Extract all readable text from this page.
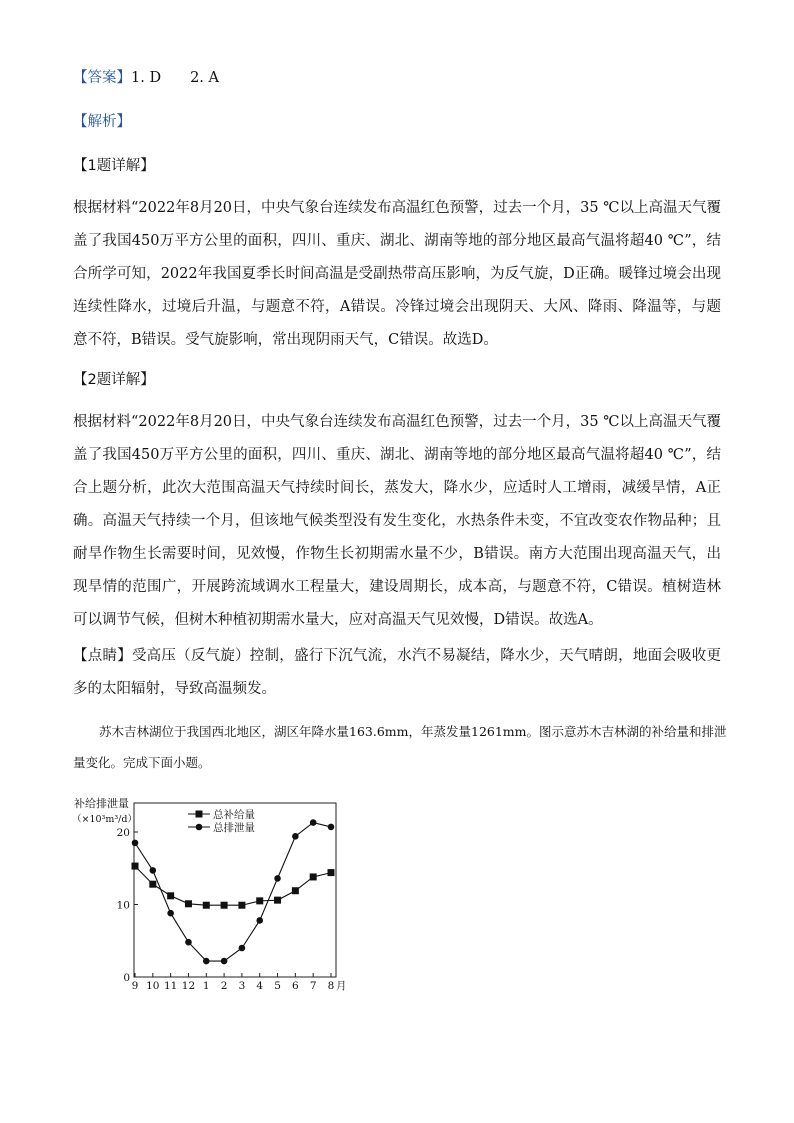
【答案】1. D　　2. A
【解析】
【1题详解】
根据材料“2022年8月20日，中央气象台连续发布高温红色预警，过去一个月，35 ℃以上高温天气覆盖了我国450万平方公里的面积，四川、重庆、湖北、湖南等地的部分地区最高气温将超40 ℃”，结合所学可知，2022年我国夏季长时间高温是受副热带高压影响，为反气旋，D正确。暖锋过境会出现连续性降水，过境后升温，与题意不符，A错误。冷锋过境会出现阴天、大风、降雨、降温等，与题意不符，B错误。受气旋影响，常出现阴雨天气，C错误。故选D。
【2题详解】
根据材料“2022年8月20日，中央气象台连续发布高温红色预警，过去一个月，35 ℃以上高温天气覆盖了我国450万平方公里的面积，四川、重庆、湖北、湖南等地的部分地区最高气温将超40 ℃”，结合上题分析，此次大范围高温天气持续时间长，蒸发大，降水少，应适时人工增雨，减缓旱情，A正确。高温天气持续一个月，但该地气候类型没有发生变化，水热条件未变，不宜改变农作物品种；且耐旱作物生长需要时间，见效慢，作物生长初期需水量不少，B错误。南方大范围出现高温天气，出现旱情的范围广，开展跨流域调水工程量大，建设周期长，成本高，与题意不符，C错误。植树造林可以调节气候，但树木种植初期需水量大，应对高温天气见效慢，D错误。故选A。
【点睛】受高压（反气旋）控制，盛行下沉气流，水汽不易凝结，降水少，天气晴朗，地面会吸收更多的太阳辐射，导致高温频发。
苏木吉林湖位于我国西北地区，湖区年降水量163.6mm，年蒸发量1261mm。图示意苏木吉林湖的补给量和排泄量变化。完成下面小题。
补给排泄量
（×10³m³/d）
0
10
20
9 10 11 12 1 2 3 4 5 6 7 8 月
总补给量
总排泄量
